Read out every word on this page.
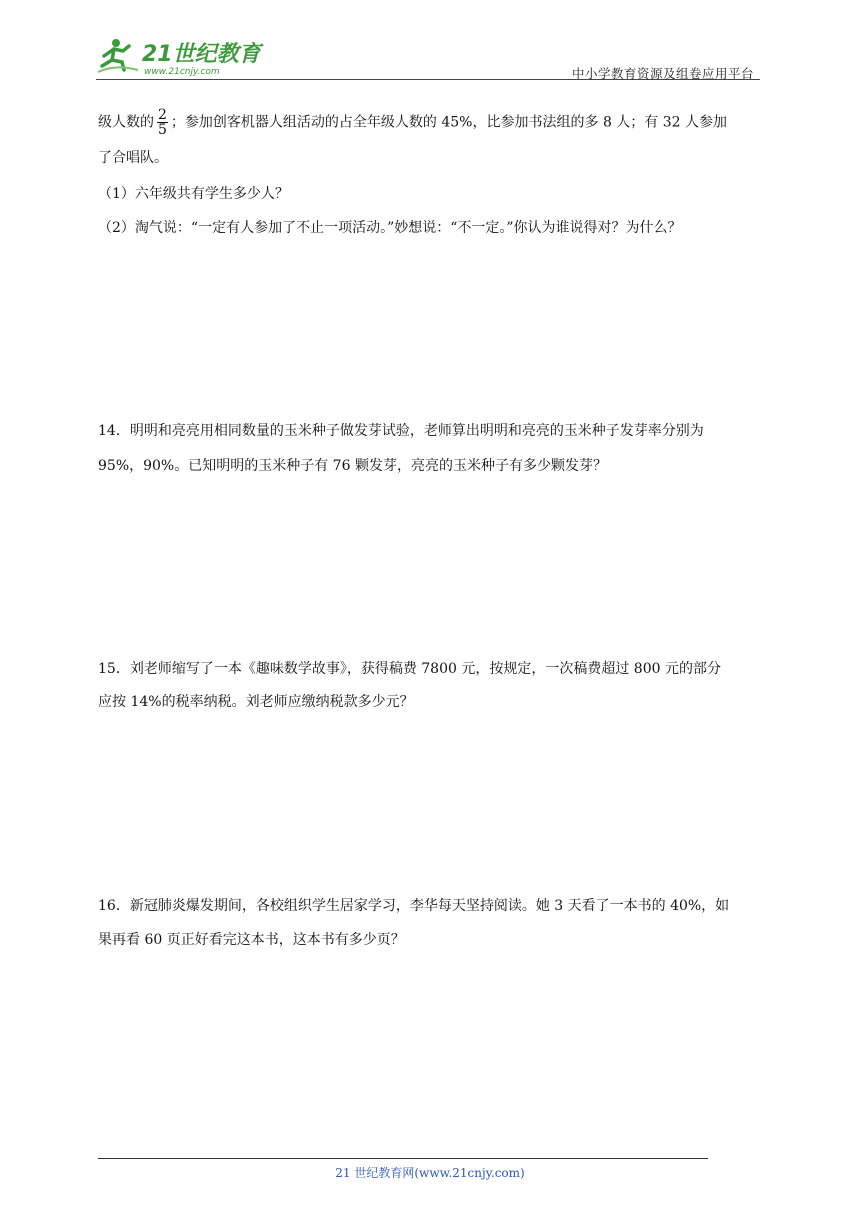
21世纪教育
www.21cnjy.com	中小学教育资源及组卷应用平台
级人数的 $\frac{2}{5}$ ；参加创客机器人组活动的占全年级人数的 45%，比参加书法组的多 8 人；有 32 人参加
了合唱队。
（1）六年级共有学生多少人？
（2）淘气说：“一定有人参加了不止一项活动。”妙想说：“不一定。”你认为谁说得对？为什么？
14．明明和亮亮用相同数量的玉米种子做发芽试验，老师算出明明和亮亮的玉米种子发芽率分别为
95%，90%。已知明明的玉米种子有 76 颗发芽，亮亮的玉米种子有多少颗发芽？
15．刘老师缩写了一本《趣味数学故事》，获得稿费 7800 元，按规定，一次稿费超过 800 元的部分
应按 14%的税率纳税。刘老师应缴纳税款多少元？
16．新冠肺炎爆发期间，各校组织学生居家学习，李华每天坚持阅读。她 3 天看了一本书的 40%，如
果再看 60 页正好看完这本书，这本书有多少页？
21 世纪教育网(www.21cnjy.com)
